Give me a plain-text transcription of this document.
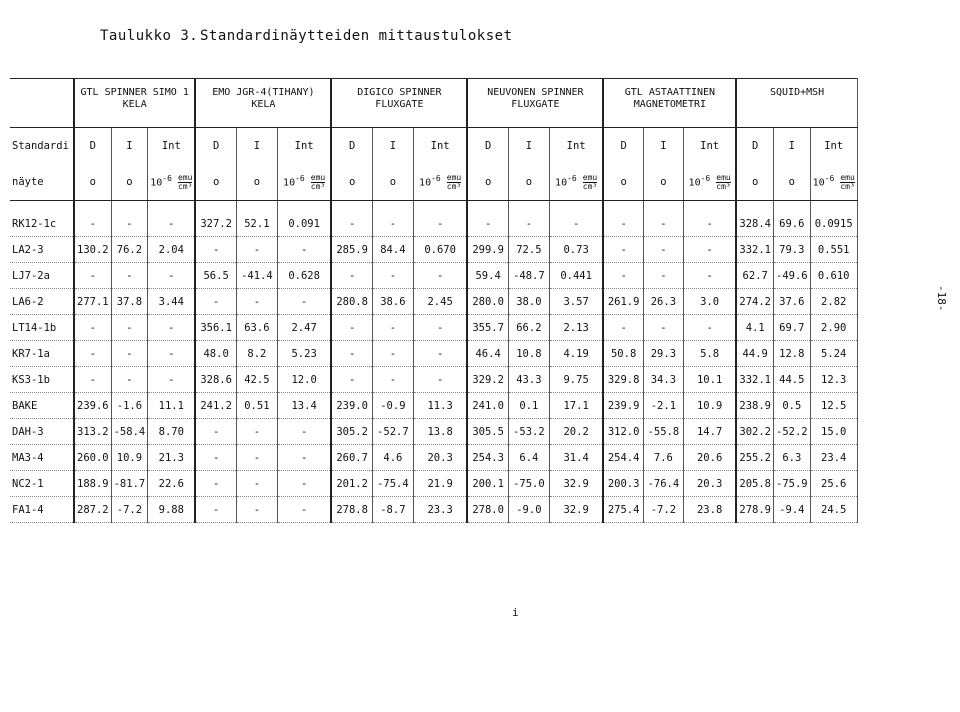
Taulukko 3. Standardinäytteiden mittaustulokset
	GTL SPINNER SIMO 1 KELA			EMO JGR-4(TIHANY) KELA			DIGICO SPINNER FLUXGATE			NEUVONEN SPINNER FLUXGATE			GTL ASTAATTINEN MAGNETOMETRI			SQUID+MSH		
Standardi	D	I	Int	D	I	Int	D	I	Int	D	I	Int	D	I	Int	D	I	Int
näyte	o	o	$10^{-6} \frac{\text{emu}}{\text{cm³}}$	o	o	$10^{-6} \frac{\text{emu}}{\text{cm³}}$	o	o	$10^{-6} \frac{\text{emu}}{\text{cm³}}$	o	o	$10^{-6} \frac{\text{emu}}{\text{cm³}}$	o	o	$10^{-6} \frac{\text{emu}}{\text{cm³}}$	o	o	$10^{-6} \frac{\text{emu}}{\text{cm³}}$

RK12-1c	-	-	-	327.2	52.1	0.091	-	-	-	-	-	-	-	-	-	328.4	69.6	0.0915
LA2-3	130.2	76.2	2.04	-	-	-	285.9	84.4	0.670	299.9	72.5	0.73	-	-	-	332.1	79.3	0.551
LJ7-2a	-	-	-	56.5	-41.4	0.628	-	-	-	59.4	-48.7	0.441	-	-	-	62.7	-49.6	0.610
LA6-2	277.1	37.8	3.44	-	-	-	280.8	38.6	2.45	280.0	38.0	3.57	261.9	26.3	3.0	274.2	37.6	2.82
LT14-1b	-	-	-	356.1	63.6	2.47	-	-	-	355.7	66.2	2.13	-	-	-	4.1	69.7	2.90
KR7-1a	-	-	-	48.0	8.2	5.23	-	-	-	46.4	10.8	4.19	50.8	29.3	5.8	44.9	12.8	5.24
KS3-1b	-	-	-	328.6	42.5	12.0	-	-	-	329.2	43.3	9.75	329.8	34.3	10.1	332.1	44.5	12.3
BAKE	239.6	-1.6	11.1	241.2	0.51	13.4	239.0	-0.9	11.3	241.0	0.1	17.1	239.9	-2.1	10.9	238.9	0.5	12.5
DAH-3	313.2	-58.4	8.70	-	-	-	305.2	-52.7	13.8	305.5	-53.2	20.2	312.0	-55.8	14.7	302.2	-52.2	15.0
MA3-4	260.0	10.9	21.3	-	-	-	260.7	4.6	20.3	254.3	6.4	31.4	254.4	7.6	20.6	255.2	6.3	23.4
NC2-1	188.9	-81.7	22.6	-	-	-	201.2	-75.4	21.9	200.1	-75.0	32.9	200.3	-76.4	20.3	205.8	-75.9	25.6
FA1-4	287.2	-7.2	9.88	-	-	-	278.8	-8.7	23.3	278.0	-9.0	32.9	275.4	-7.2	23.8	278.9	-9.4	24.5
-18-
i
